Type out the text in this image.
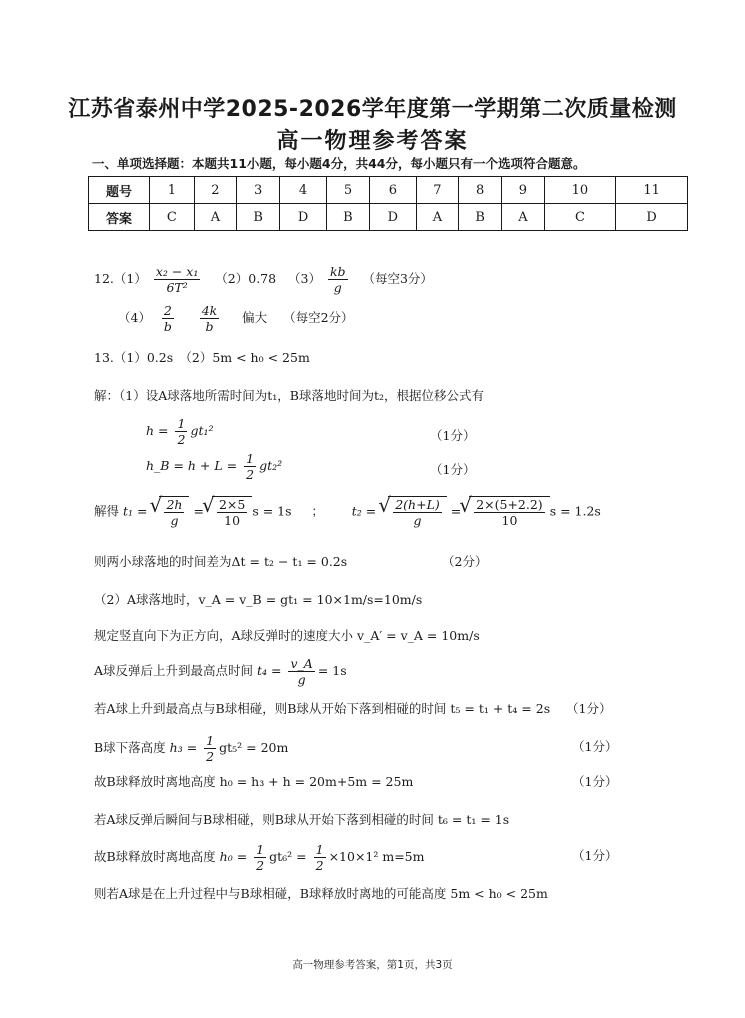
江苏省泰州中学2025-2026学年度第一学期第二次质量检测
高一物理参考答案
一、单项选择题：本题共11小题，每小题4分，共44分，每小题只有一个选项符合题意。
题号	1	2	3	4	5	6	7	8	9	10	11
答案	C	A	B	D	B	D	A	B	A	C	D
$12.(1) \frac{\text{x₂ − x₁}}{\text{6T²}} (2)0.78$ $(3) \frac{kb}{g}$ （每空3分）
$(4) \frac{2}{b}$
$\frac{4k}{b}$ 偏大 （每空2分）
13.（1）0.2s　（2）5m < h₀ < 25m
解：（1）设A球落地所需时间为t₁，B球落地时间为t₂，根据位移公式有
$h = \frac{1}{2} gt_1^2$	（1分）
h_B = $h + L = \frac{1}{2} gt_2^2$	（1分）
解得 t₁ = √ $\frac{2h}{g}$ = √ $\frac{2\times 5}{10}$ s = 1s ； t₂ = √ $\frac{2(h+L)}{g}$ = √ $\frac{2\times(5+2.2)}{10}$ s = 1.2s
则两小球落地的时间差为Δt = t₂ − t₁ = 0.2s	（2分）
（2）A球落地时，v_A = v_B = gt₁ = 10×1m/s=10m/s
规定竖直向下为正方向，A球反弹时的速度大小 v_A′ = v_A = 10m/s
A球反弹后上升到最高点时间 $t_4 = \frac{v\_A}{g} = 1s$
若A球上升到最高点与B球相碰，则B球从开始下落到相碰的时间 t₅ = t₁ + t₄ = 2s （1分）
B球下落高度 $h_3 = \frac{1}{2} gt_5^2 = 20m$	（1分）
故B球释放时离地高度 h₀ = h₃ + h = 20m+5m = 25m	（1分）
若A球反弹后瞬间与B球相碰，则B球从开始下落到相碰的时间 t₆ = t₁ = 1s
故B球释放时离地高度 $h_0 = \frac{1}{2} gt_6^2 = \frac{1}{2} \times 10\times 1^2$ m=5m	（1分）
则若A球是在上升过程中与B球相碰，B球释放时离地的可能高度 5m < h₀ < 25m
高一物理参考答案，第1页，共3页
